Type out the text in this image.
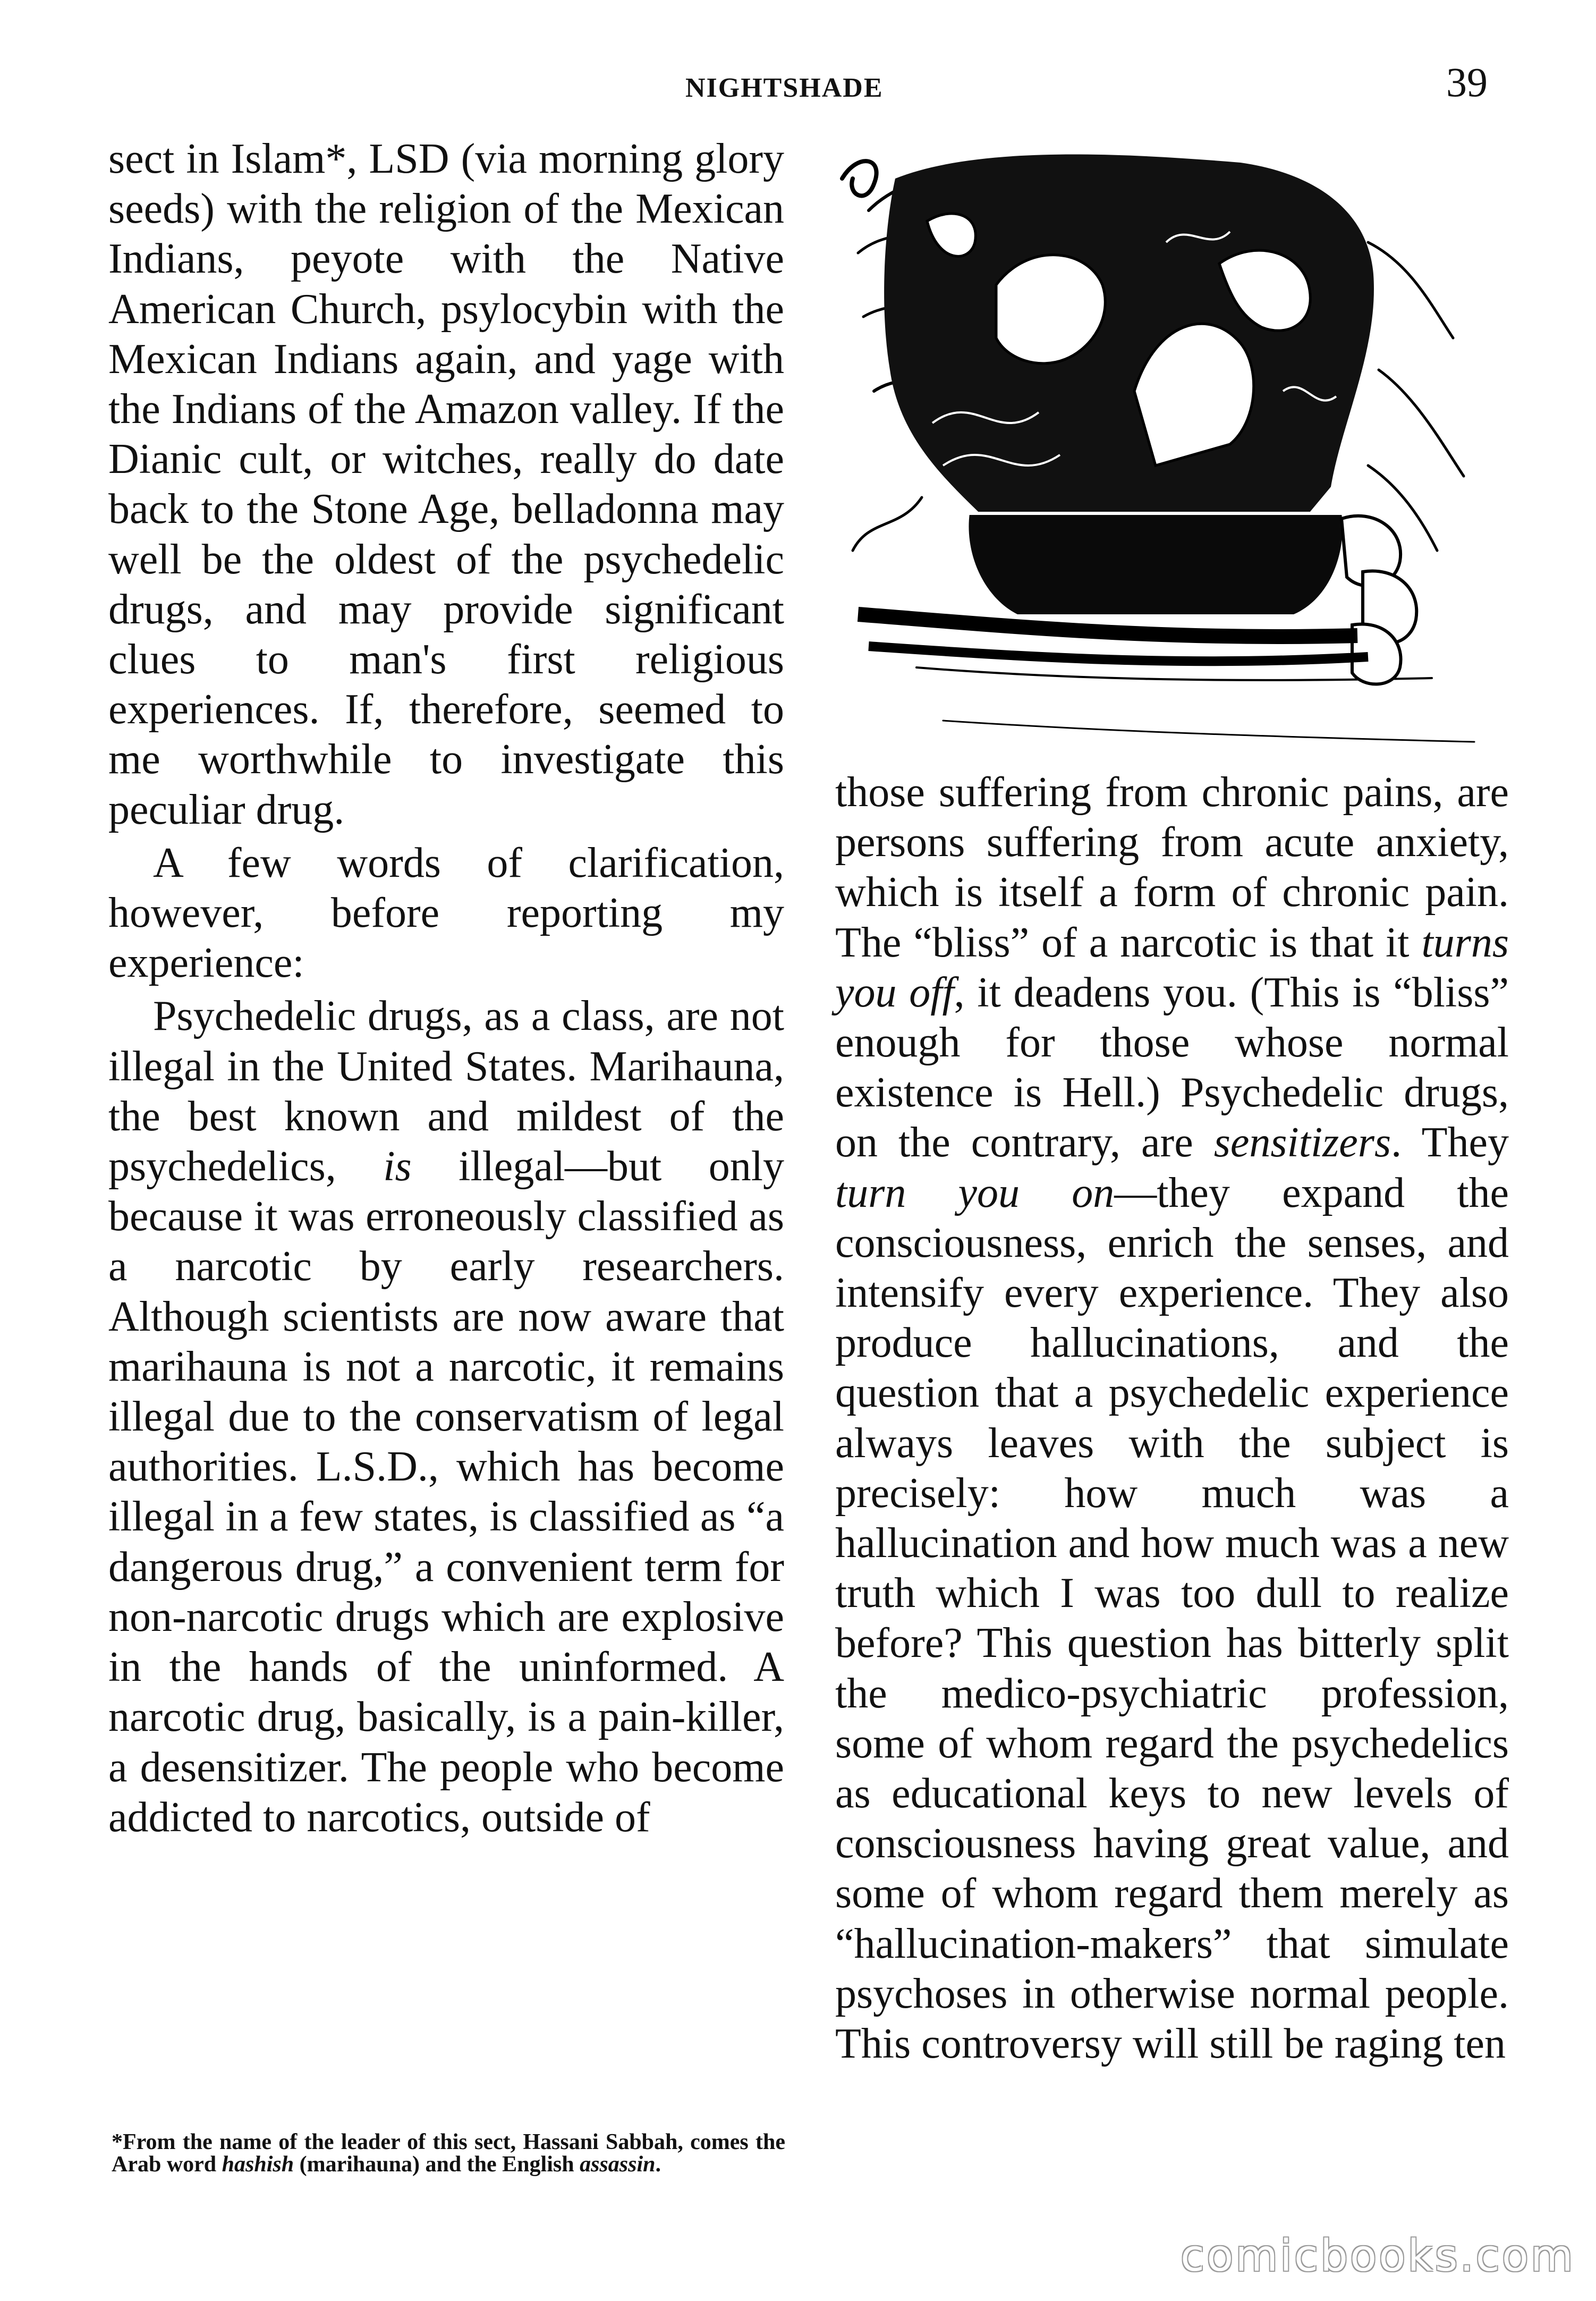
NIGHTSHADE	39

sect in Islam*, LSD (via morning glory seeds) with the religion of the Mexican Indians, peyote with the Native American Church, psylocybin with the Mexican Indians again, and yage with the Indians of the Amazon valley. If the Dianic cult, or witches, really do date back to the Stone Age, belladonna may well be the oldest of the psychedelic drugs, and may provide significant clues to man's first religious experiences. If, therefore, seemed to me worthwhile to investigate this peculiar drug.

A few words of clarification, however, before reporting my experience:

Psychedelic drugs, as a class, are not illegal in the United States. Marihauna, the best known and mildest of the psychedelics, is illegal—but only because it was erroneously classified as a narcotic by early researchers. Although scientists are now aware that marihauna is not a narcotic, it remains illegal due to the conservatism of legal authorities. L.S.D., which has become illegal in a few states, is classified as “a dangerous drug,” a convenient term for non-narcotic drugs which are explosive in the hands of the uninformed. A narcotic drug, basically, is a pain-killer, a desensitizer. The people who become addicted to narcotics, outside of

those suffering from chronic pains, are persons suffering from acute anxiety, which is itself a form of chronic pain. The “bliss” of a narcotic is that it turns you off, it deadens you. (This is “bliss” enough for those whose normal existence is Hell.) Psychedelic drugs, on the contrary, are sensitizers. They turn you on—they expand the consciousness, enrich the senses, and intensify every experience. They also produce hallucinations, and the question that a psychedelic experience always leaves with the subject is precisely: how much was a hallucination and how much was a new truth which I was too dull to realize before? This question has bitterly split the medico-psychiatric profession, some of whom regard the psychedelics as educational keys to new levels of consciousness having great value, and some of whom regard them merely as “hallucination-makers” that simulate psychoses in otherwise normal people. This controversy will still be raging ten

*From the name of the leader of this sect, Hassani Sabbah, comes the Arab word hashish (marihauna) and the English assassin.
comicbooks.com
